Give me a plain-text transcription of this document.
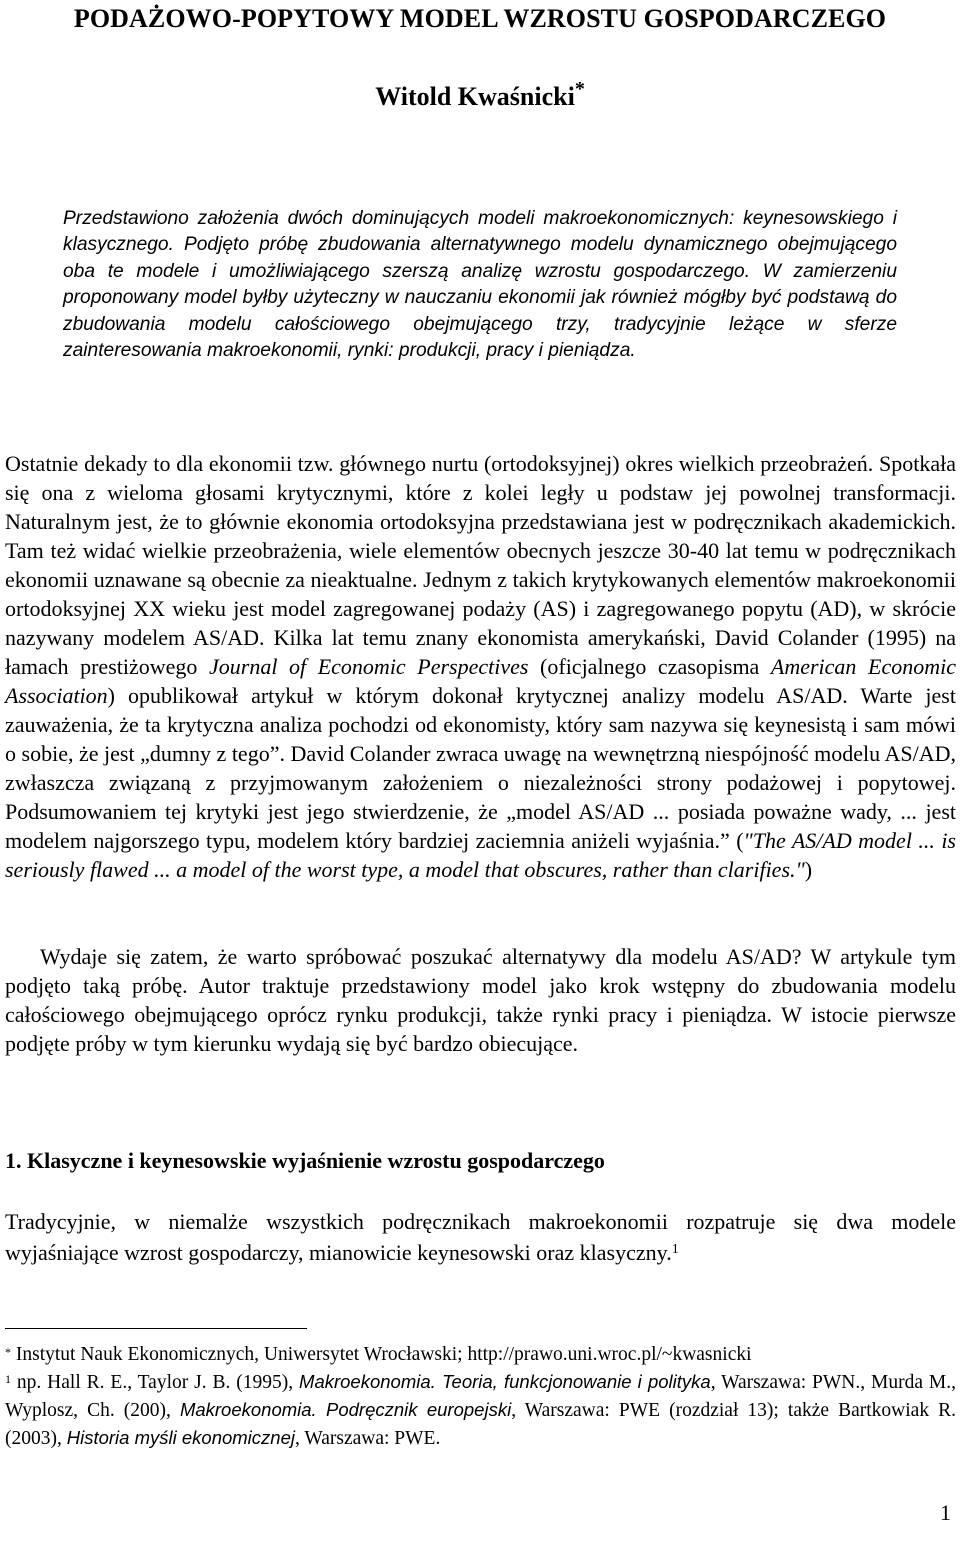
PODAŻOWO-POPYTOWY MODEL WZROSTU GOSPODARCZEGO
Witold Kwaśnicki*

Przedstawiono założenia dwóch dominujących modeli makroekonomicznych: keynesowskiego i klasycznego. Podjęto próbę zbudowania alternatywnego modelu dynamicznego obejmującego oba te modele i umożliwiającego szerszą analizę wzrostu gospodarczego. W zamierzeniu proponowany model byłby użyteczny w nauczaniu ekonomii jak również mógłby być podstawą do zbudowania modelu całościowego obejmującego trzy, tradycyjnie leżące w sferze zainteresowania makroekonomii, rynki: produkcji, pracy i pieniądza.

Ostatnie dekady to dla ekonomii tzw. głównego nurtu (ortodoksyjnej) okres wielkich przeobrażeń. Spotkała się ona z wieloma głosami krytycznymi, które z kolei legły u podstaw jej powolnej transformacji. Naturalnym jest, że to głównie ekonomia ortodoksyjna przedstawiana jest w podręcznikach akademickich. Tam też widać wielkie przeobrażenia, wiele elementów obecnych jeszcze 30-40 lat temu w podręcznikach ekonomii uznawane są obecnie za nieaktualne. Jednym z takich krytykowanych elementów makroekonomii ortodoksyjnej XX wieku jest model zagregowanej podaży (AS) i zagregowanego popytu (AD), w skrócie nazywany modelem AS/AD. Kilka lat temu znany ekonomista amerykański, David Colander (1995) na łamach prestiżowego Journal of Economic Perspectives (oficjalnego czasopisma American Economic Association) opublikował artykuł w którym dokonał krytycznej analizy modelu AS/AD. Warte jest zauważenia, że ta krytyczna analiza pochodzi od ekonomisty, który sam nazywa się keynesistą i sam mówi o sobie, że jest „dumny z tego”. David Colander zwraca uwagę na wewnętrzną niespójność modelu AS/AD, zwłaszcza związaną z przyjmowanym założeniem o niezależności strony podażowej i popytowej. Podsumowaniem tej krytyki jest jego stwierdzenie, że „model AS/AD ... posiada poważne wady, ... jest modelem najgorszego typu, modelem który bardziej zaciemnia aniżeli wyjaśnia.” ("The AS/AD model ... is seriously flawed ... a model of the worst type, a model that obscures, rather than clarifies.")

Wydaje się zatem, że warto spróbować poszukać alternatywy dla modelu AS/AD? W artykule tym podjęto taką próbę. Autor traktuje przedstawiony model jako krok wstępny do zbudowania modelu całościowego obejmującego oprócz rynku produkcji, także rynki pracy i pieniądza. W istocie pierwsze podjęte próby w tym kierunku wydają się być bardzo obiecujące.

1. Klasyczne i keynesowskie wyjaśnienie wzrostu gospodarczego

Tradycyjnie, w niemalże wszystkich podręcznikach makroekonomii rozpatruje się dwa modele wyjaśniające wzrost gospodarczy, mianowicie keynesowski oraz klasyczny.$^1$

* Instytut Nauk Ekonomicznych, Uniwersytet Wrocławski; http://prawo.uni.wroc.pl/~kwasnicki

$^1$ np. Hall R. E., Taylor J. B. (1995), Makroekonomia. Teoria, funkcjonowanie i polityka, Warszawa: PWN., Murda M., Wyplosz, Ch. (200), Makroekonomia. Podręcznik europejski, Warszawa: PWE (rozdział 13); także Bartkowiak R. (2003), Historia myśli ekonomicznej, Warszawa: PWE.

1
